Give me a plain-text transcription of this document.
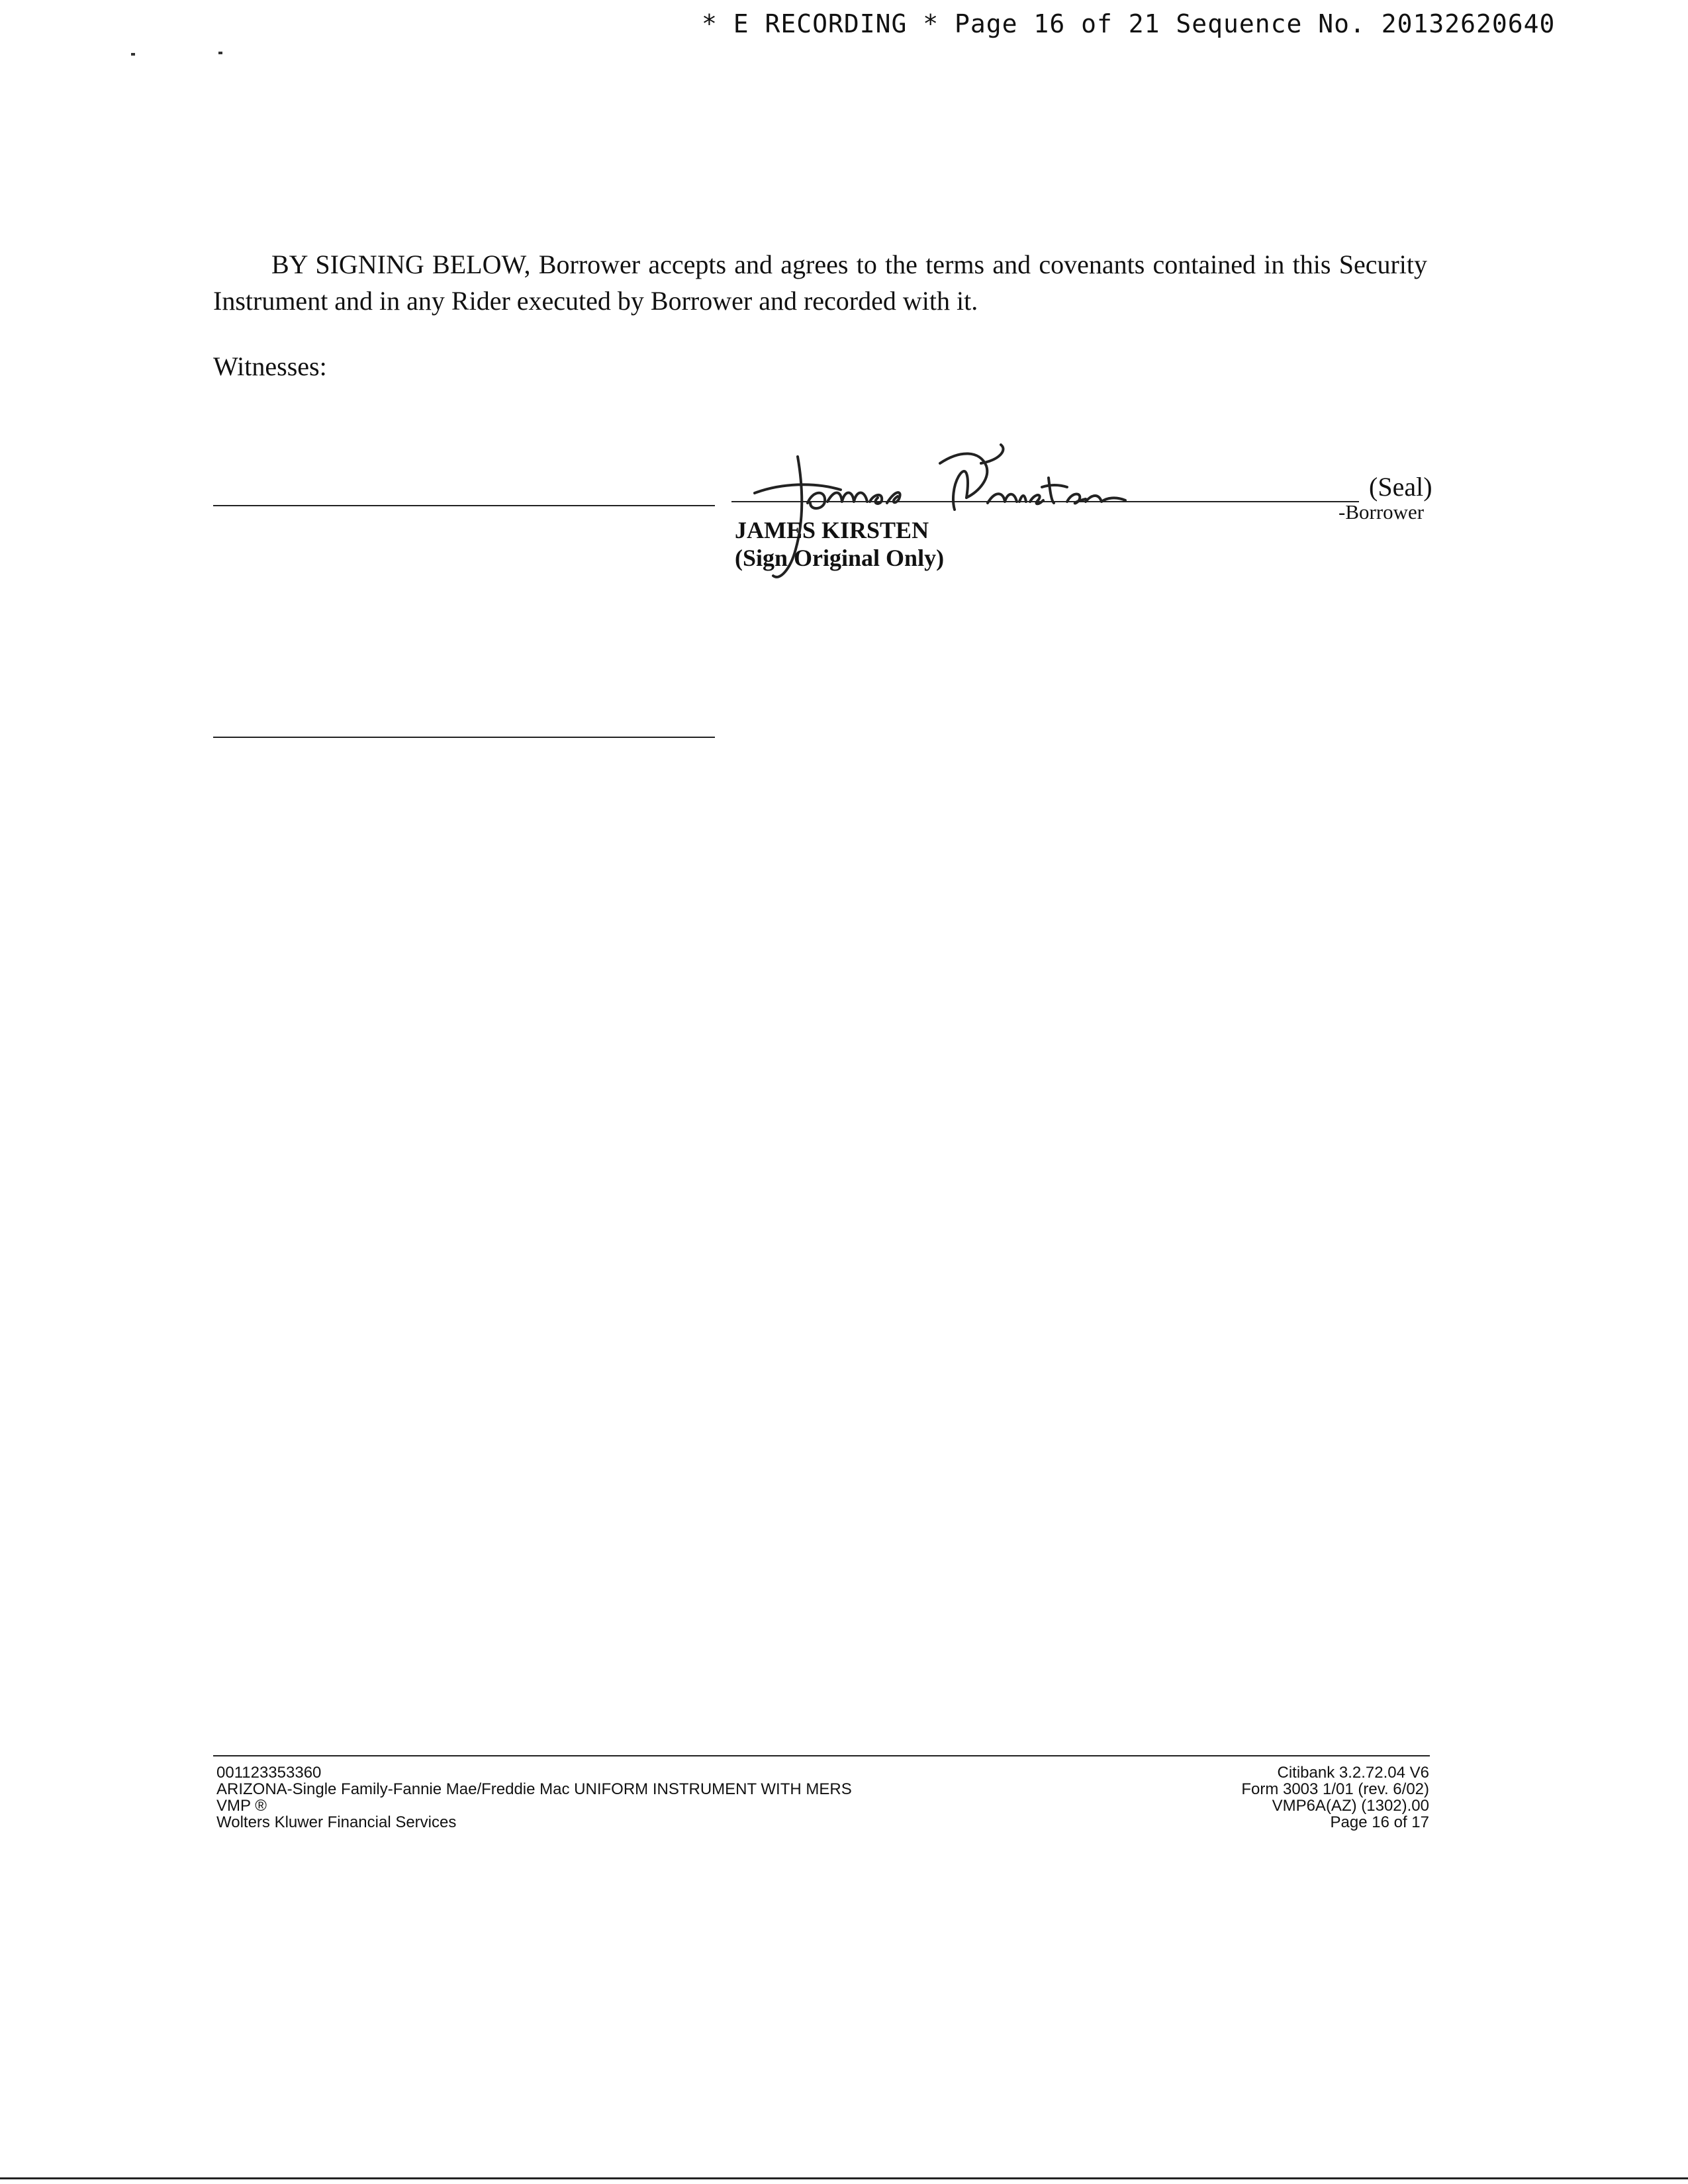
* E RECORDING * Page 16 of 21 Sequence No. 20132620640
BY SIGNING BELOW, Borrower accepts and agrees to the terms and covenants contained in this Security Instrument and in any Rider executed by Borrower and recorded with it.
Witnesses:
(Seal)
-Borrower
JAMES KIRSTEN
(Sign Original Only)
001123353360
ARIZONA-Single Family-Fannie Mae/Freddie Mac UNIFORM INSTRUMENT WITH MERS
VMP ®
Wolters Kluwer Financial Services
Citibank 3.2.72.04 V6
Form 3003 1/01 (rev. 6/02)
VMP6A(AZ) (1302).00
Page 16 of 17
